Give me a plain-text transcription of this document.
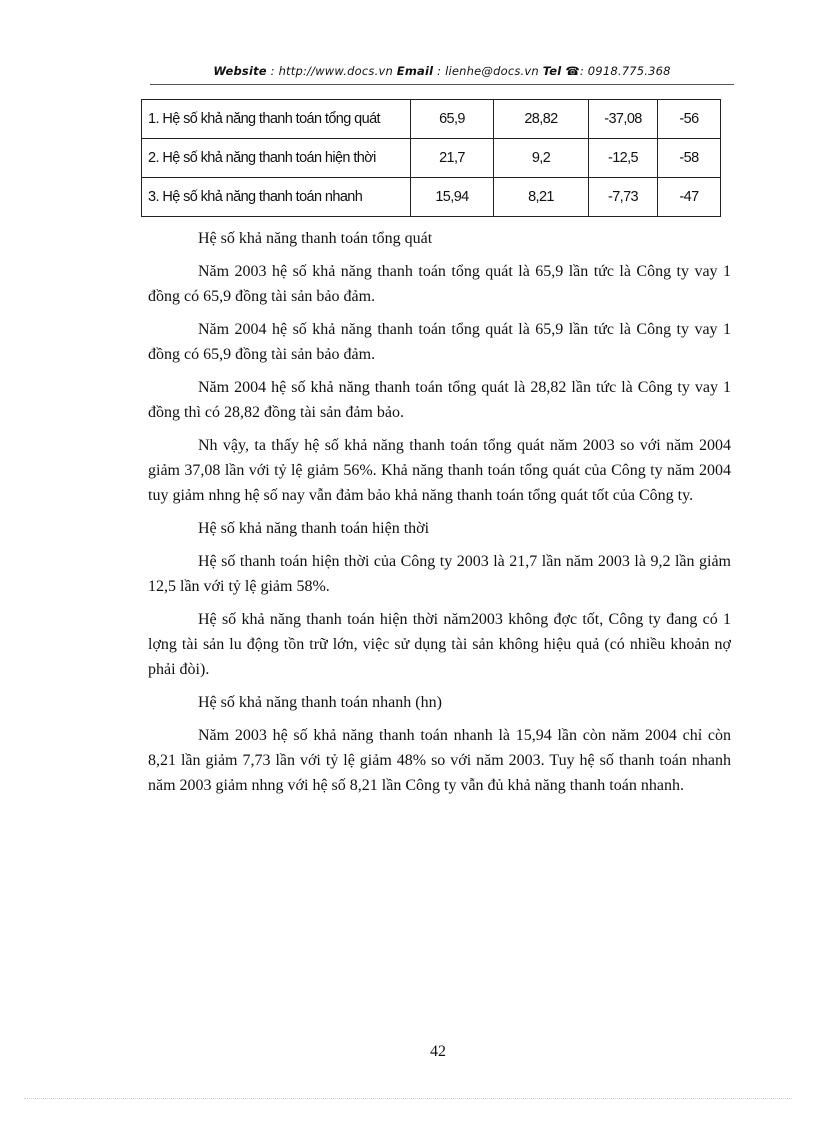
Website : http://www.docs.vn Email : lienhe@docs.vn Tel ☎: 0918.775.368
1. Hệ số khả năng thanh toán tổng quát	65,9	28,82	-37,08	-56
2. Hệ số khả năng thanh toán hiện thời	21,7	9,2	-12,5	-58
3. Hệ số khả năng thanh toán nhanh	15,94	8,21	-7,73	-47

Hệ số khả năng thanh toán tổng quát

Năm 2003 hệ số khả năng thanh toán tổng quát là 65,9 lần tức là Công ty vay 1 đồng có 65,9 đồng tài sản bảo đảm.

Năm 2004 hệ số khả năng thanh toán tổng quát là 65,9 lần tức là Công ty vay 1 đồng có 65,9 đồng tài sản bảo đảm.

Năm 2004 hệ số khả năng thanh toán tổng quát là 28,82 lần tức là Công ty vay 1 đồng thì có 28,82 đồng tài sản đảm bảo.

Nh vậy, ta thấy hệ số khả năng thanh toán tổng quát năm 2003 so với năm 2004 giảm 37,08 lần với tỷ lệ giảm 56%. Khả năng thanh toán tổng quát của Công ty năm 2004 tuy giảm nhng hệ số nay vẫn đảm bảo khả năng thanh toán tổng quát tốt của Công ty.

Hệ số khả năng thanh toán hiện thời

Hệ số thanh toán hiện thời của Công ty 2003 là 21,7 lần năm 2003 là 9,2 lần giảm 12,5 lần với tỷ lệ giảm 58%.

Hệ số khả năng thanh toán hiện thời năm2003 không đợc tốt, Công ty đang có 1 lợng tài sản lu động tồn trữ lớn, việc sử dụng tài sản không hiệu quả (có nhiều khoản nợ phải đòi).

Hệ số khả năng thanh toán nhanh (hn)

Năm 2003 hệ số khả năng thanh toán nhanh là 15,94 lần còn năm 2004 chỉ còn 8,21 lần giảm 7,73 lần với tỷ lệ giảm 48% so với năm 2003. Tuy hệ số thanh toán nhanh năm 2003 giảm nhng với hệ số 8,21 lần Công ty vẫn đủ khả năng thanh toán nhanh.

42
